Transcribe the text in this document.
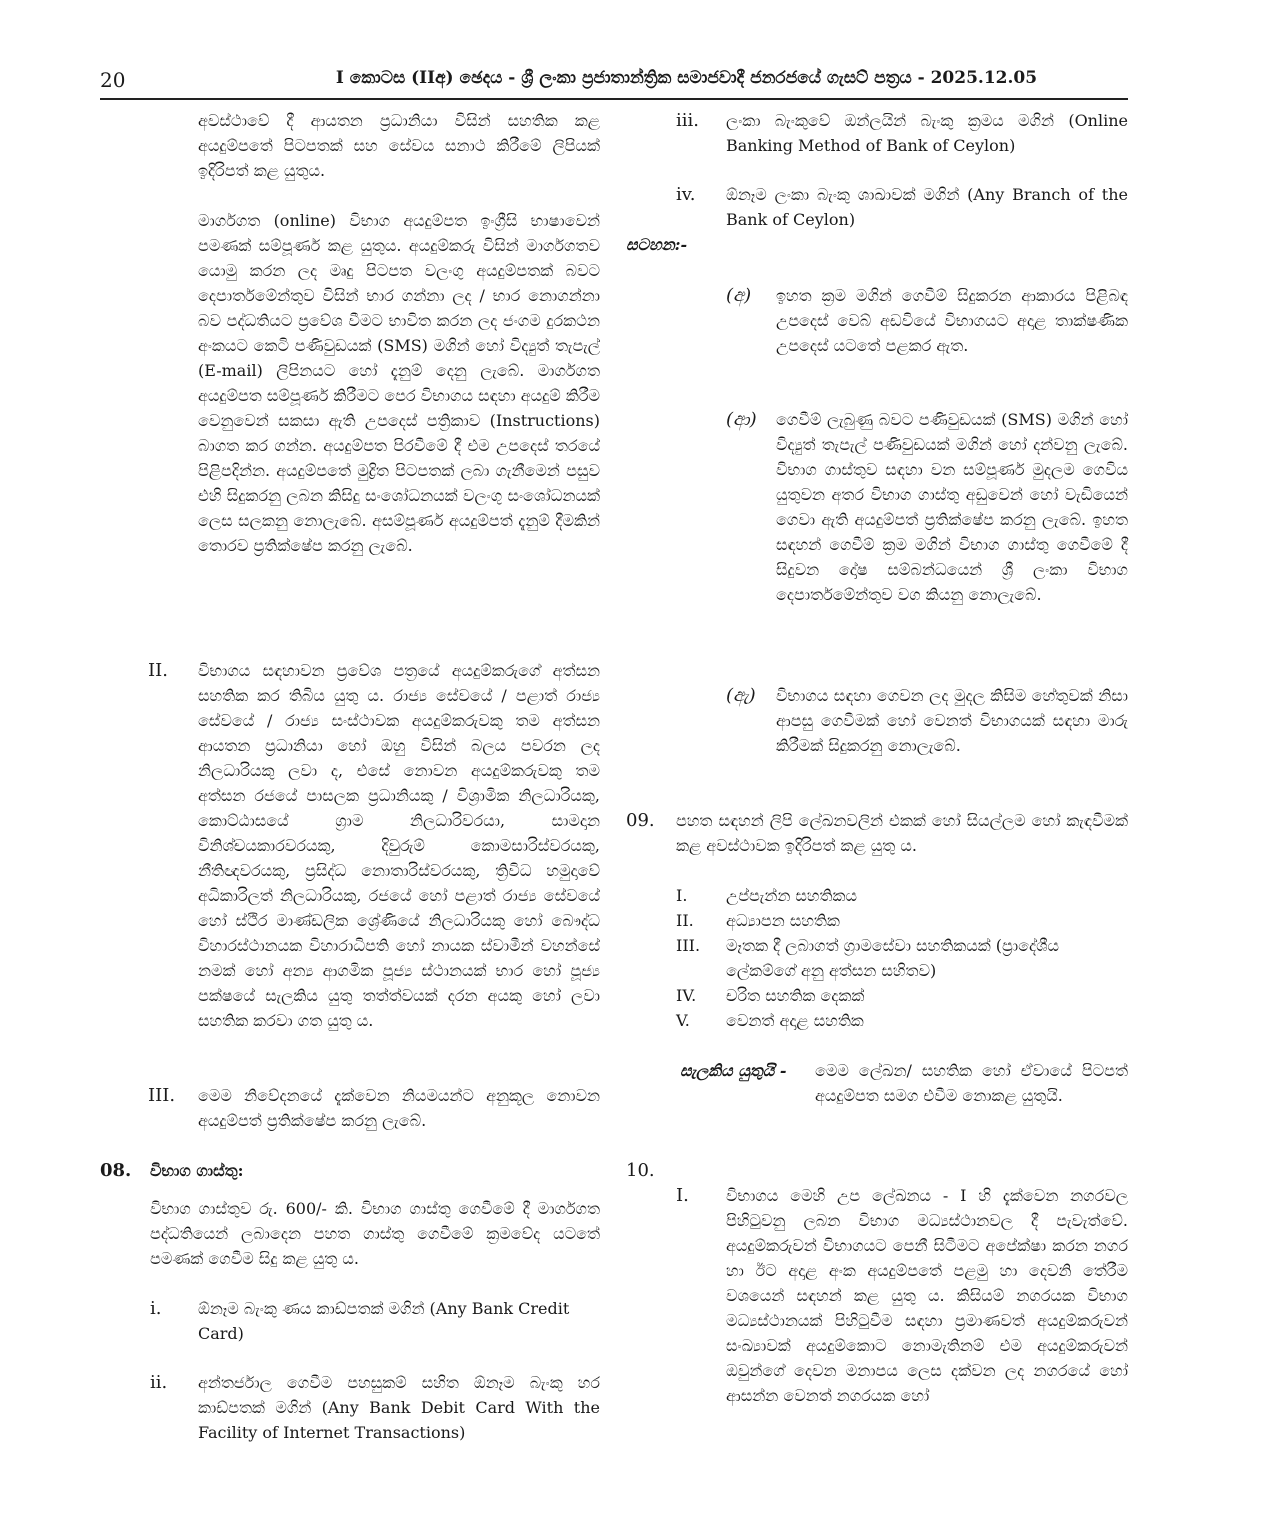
20	I කොටස (IIඅ) ඡෙදය - ශ්‍රී ලංකා ප්‍රජාතාන්ත්‍රික සමාජවාදී ජනරජයේ ගැසට් පත්‍රය - 2025.12.05

අවස්ථාවේ දී ආයතන ප්‍රධානියා විසින් සහතික කළ අයදුම්පතේ පිටපතක් සහ සේවය සනාථ කිරීමේ ලිපියක් ඉදිරිපත් කළ යුතුය.

මාර්ගගත (online) විභාග අයදුම්පත ඉංග්‍රීසි භාෂාවෙන් පමණක් සම්පූර්ණ කළ යුතුය. අයදුම්කරු විසින් මාර්ගගතව යොමු කරන ලද මෘදු පිටපත වලංගු අයදුම්පතක් බවට දෙපාර්තමේන්තුව විසින් භාර ගන්නා ලද / භාර නොගන්නා බව පද්ධතියට ප්‍රවේශ වීමට භාවිත කරන ලද ජංගම දුරකථන අංකයට කෙටි පණිවුඩයක් (SMS) මගින් හෝ විද්‍යුත් තැපැල් (E-mail) ලිපිනයට හෝ දැනුම් දෙනු ලැබේ. මාර්ගගත අයදුම්පත සම්පූර්ණ කිරීමට පෙර විභාගය සඳහා අයදුම් කිරීම වෙනුවෙන් සකසා ඇති උපදෙස් පත්‍රිකාව (Instructions) බාගත කර ගන්න. අයදුම්පත පිරවීමේ දී එම උපදෙස් තරයේ පිළිපදින්න. අයදුම්පතේ මුද්‍රිත පිටපතක් ලබා ගැනීමෙන් පසුව එහි සිදුකරනු ලබන කිසිදු සංශෝධනයක් වලංගු සංශෝධනයක් ලෙස සලකනු නොලැබේ. අසම්පූර්ණ අයදුම්පත් දැනුම් දීමකින් තොරව ප්‍රතික්ෂේප කරනු ලැබේ.

II. විභාගය සඳහාවන ප්‍රවේශ පත්‍රයේ අයදුම්කරුගේ අත්සන සහතික කර තිබිය යුතු ය. රාජ්‍ය සේවයේ / පළාත් රාජ්‍ය සේවයේ / රාජ්‍ය සංස්ථාවක අයදුම්කරුවකු තම අත්සන ආයතන ප්‍රධානියා හෝ ඔහු විසින් බලය පවරන ලද නිලධාරියකු ලවා ද, එසේ නොවන අයදුම්කරුවකු තම අත්සන රජයේ පාසලක ප්‍රධානියකු / විශ්‍රාමික නිලධාරියකු, කොට්ඨාසයේ ග්‍රාම නිලධාරිවරයා, සාමදාන විනිශ්චයකාරවරයකු, දිවුරුම් කොමසාරිස්වරයකු, නීතිඥවරයකු, ප්‍රසිද්ධ නොතාරිස්වරයකු, ත්‍රිවිධ හමුදාවේ අධිකාරිලත් නිලධාරියකු, රජයේ හෝ පළාත් රාජ්‍ය සේවයේ හෝ ස්ථිර මාණ්ඩලික ශ්‍රේණියේ නිලධාරියකු හෝ බෞද්ධ විහාරස්ථානයක විහාරාධිපති හෝ නායක ස්වාමීන් වහන්සේ නමක් හෝ අන්‍ය ආගමික පූජ්‍ය ස්ථානයක් භාර හෝ පූජ්‍ය පක්ෂයේ සැලකිය යුතු තත්ත්වයක් දරන අයකු හෝ ලවා සහතික කරවා ගත යුතු ය.

III. මෙම නිවේදනයේ දැක්වෙන නියමයන්ට අනුකූල නොවන අයදුම්පත් ප්‍රතික්ෂේප කරනු ලැබේ.

08. විභාග ගාස්තු:

විභාග ගාස්තුව රු. 600/- කි. විභාග ගාස්තු ගෙවීමේ දී මාර්ගගත පද්ධතියෙන් ලබාදෙන පහත ගාස්තු ගෙවීමේ ක්‍රමවේද යටතේ පමණක් ගෙවීම සිදු කළ යුතු ය.

i. ඕනෑම බැංකු ණය කාඩ්පතක් මගින් (Any Bank Credit Card)

ii. අන්තර්ජාල ගෙවීම පහසුකම් සහිත ඕනෑම බැංකු හර කාඩ්පතක් මගින් (Any Bank Debit Card With the Facility of Internet Transactions)

iii. ලංකා බැංකුවේ ඔන්ලයින් බැංකු ක්‍රමය මගින් (Online Banking Method of Bank of Ceylon)

iv. ඕනෑම ලංකා බැංකු ශාඛාවක් මගින් (Any Branch of the Bank of Ceylon)

සටහන:-
(අ) ඉහත ක්‍රම මගින් ගෙවීම් සිදුකරන ආකාරය පිළිබඳ උපදෙස් වෙබ් අඩවියේ විභාගයට අදාළ තාක්ෂණික උපදෙස් යටතේ පළකර ඇත.

(ආ) ගෙවීම් ලැබුණු බවට පණිවුඩයක් (SMS) මගින් හෝ විද්‍යුත් තැපැල් පණිවුඩයක් මගින් හෝ දන්වනු ලැබේ. විභාග ගාස්තුව සඳහා වන සම්පූර්ණ මුදලම ගෙවිය යුතුවන අතර විභාග ගාස්තු අඩුවෙන් හෝ වැඩියෙන් ගෙවා ඇති අයදුම්පත් ප්‍රතික්ෂේප කරනු ලැබේ. ඉහත සඳහන් ගෙවීම් ක්‍රම මගින් විභාග ගාස්තු ගෙවීමේ දී සිදුවන දෝෂ සම්බන්ධයෙන් ශ්‍රී ලංකා විභාග දෙපාර්තමේන්තුව වග කියනු නොලැබේ.

(ඇ) විභාගය සඳහා ගෙවන ලද මුදල කිසිම හේතුවක් නිසා ආපසු ගෙවීමක් හෝ වෙනත් විභාගයක් සඳහා මාරු කිරීමක් සිදුකරනු නොලැබේ.

09. පහත සඳහන් ලිපි ලේඛනවලින් එකක් හෝ සියල්ලම හෝ කැඳවීමක් කළ අවස්ථාවක ඉදිරිපත් කළ යුතු ය.

I. උප්පැන්න සහතිකය
II. අධ්‍යාපන සහතික
III. මෑතක දී ලබාගත් ග්‍රාමසේවා සහතිකයක් (ප්‍රාදේශීය
ලේකම්ගේ අනු අත්සන සහිතව)
IV. චරිත සහතික දෙකක්
V. වෙනත් අදාළ සහතික
සැලකිය යුතුයි - මෙම ලේඛන/ සහතික හෝ ඒවායේ පිටපත් අයදුම්පත සමග එවීම නොකළ යුතුයි.

10.
I. විභාගය මෙහි උප ලේඛනය - I හි දැක්වෙන නගරවල පිහිටුවනු ලබන විභාග මධ්‍යස්ථානවල දී පැවැත්වේ. අයදුම්කරුවන් විභාගයට පෙනී සිටීමට අපේක්ෂා කරන නගර හා ඊට අදාළ අංක අයදුම්පතේ පළමු හා දෙවනි තේරීම වශයෙන් සඳහන් කළ යුතු ය. කිසියම් නගරයක විභාග මධ්‍යස්ථානයක් පිහිටුවීම සඳහා ප්‍රමාණවත් අයදුම්කරුවන් සංඛ්‍යාවක් අයදුම්කොට නොමැතිනම් එම අයදුම්කරුවන් ඔවුන්ගේ දෙවන මනාපය ලෙස දක්වන ලද නගරයේ හෝ ආසන්න වෙනත් නගරයක හෝ
